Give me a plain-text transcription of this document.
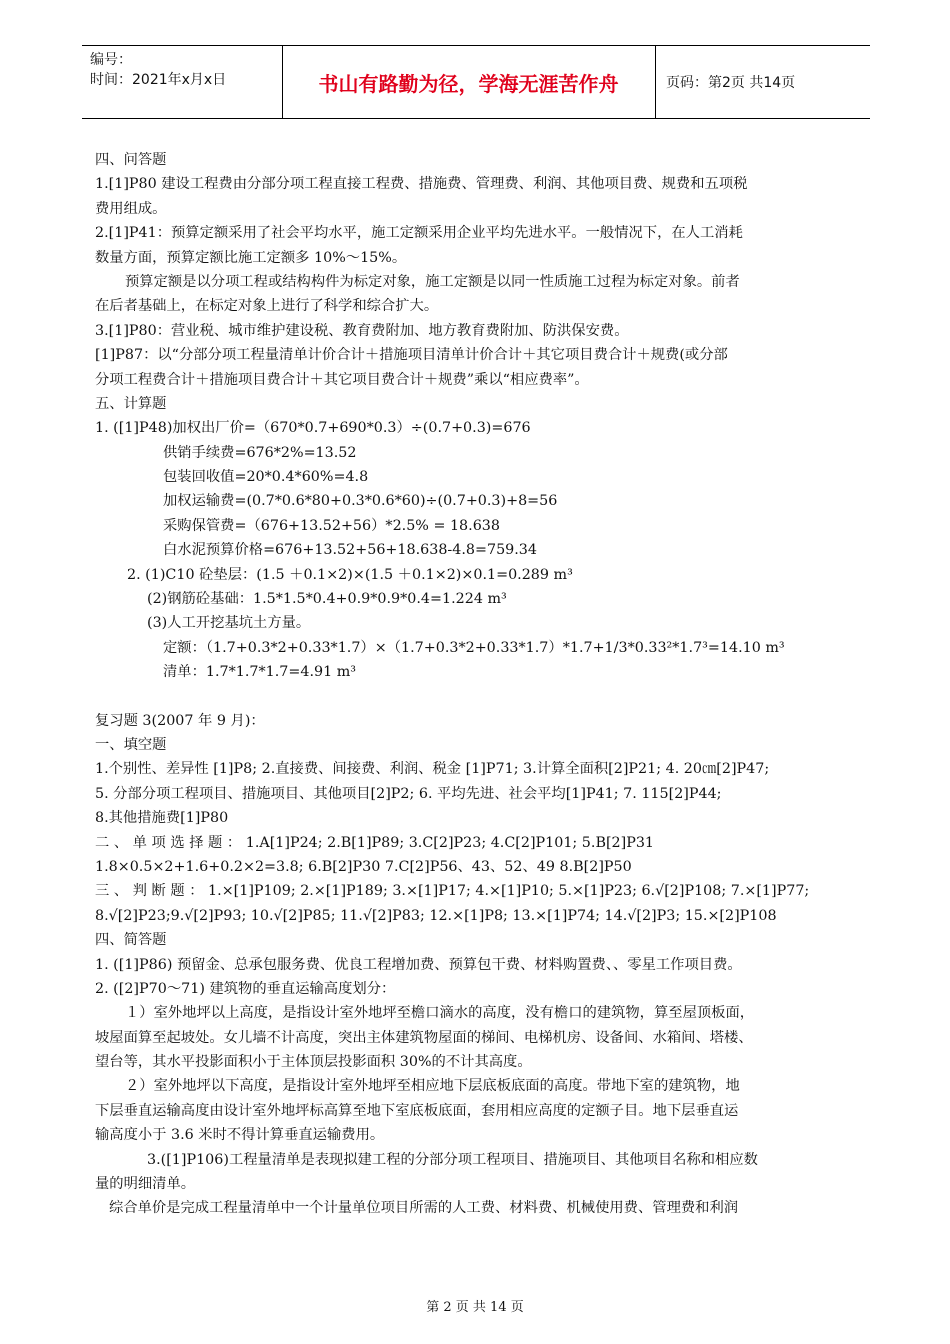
编号：
时间：2021年x月x日	书山有路勤为径，学海无涯苦作舟	页码：第2页 共14页
四、问答题
1.[1]P80 建设工程费由分部分项工程直接工程费、措施费、管理费、利润、其他项目费、规费和五项税
费用组成。
2.[1]P41：预算定额采用了社会平均水平，施工定额采用企业平均先进水平。一般情况下，在人工消耗
数量方面，预算定额比施工定额多 10%～15%。
预算定额是以分项工程或结构构件为标定对象，施工定额是以同一性质施工过程为标定对象。前者
在后者基础上，在标定对象上进行了科学和综合扩大。
3.[1]P80：营业税、城市维护建设税、教育费附加、地方教育费附加、防洪保安费。
[1]P87：以“分部分项工程量清单计价合计＋措施项目清单计价合计＋其它项目费合计＋规费(或分部
分项工程费合计＋措施项目费合计＋其它项目费合计＋规费”乘以“相应费率”。
五、计算题
1. ([1]P48)加权出厂价=（670*0.7+690*0.3）÷(0.7+0.3)=676
供销手续费=676*2%=13.52
包装回收值=20*0.4*60%=4.8
加权运输费=(0.7*0.6*80+0.3*0.6*60)÷(0.7+0.3)+8=56
采购保管费=（676+13.52+56）*2.5% = 18.638
白水泥预算价格=676+13.52+56+18.638-4.8=759.34
2. (1)C10 砼垫层：(1.5 ＋0.1×2)×(1.5 ＋0.1×2)×0.1=0.289 m³
(2)钢筋砼基础：1.5*1.5*0.4+0.9*0.9*0.4=1.224 m³
(3)人工开挖基坑土方量。
定额：（1.7+0.3*2+0.33*1.7）×（1.7+0.3*2+0.33*1.7）*1.7+1/3*0.33²*1.7³=14.10 m³
清单：1.7*1.7*1.7=4.91 m³
复习题 3(2007 年 9 月)：
一、填空题
1.个别性、差异性 [1]P8; 2.直接费、间接费、利润、税金 [1]P71; 3.计算全面积[2]P21; 4. 20㎝[2]P47;
5. 分部分项工程项目、措施项目、其他项目[2]P2; 6. 平均先进、社会平均[1]P41; 7. 115[2]P44;
8.其他措施费[1]P80
二 、 单 项 选 择 题 ： 1.A[1]P24; 2.B[1]P89; 3.C[2]P23; 4.C[2]P101; 5.B[2]P31
1.8×0.5×2+1.6+0.2×2=3.8; 6.B[2]P30 7.C[2]P56、43、52、49 8.B[2]P50
三 、 判 断 题 ： 1.×[1]P109; 2.×[1]P189; 3.×[1]P17; 4.×[1]P10; 5.×[1]P23; 6.√[2]P108; 7.×[1]P77;
8.√[2]P23;9.√[2]P93; 10.√[2]P85; 11.√[2]P83; 12.×[1]P8; 13.×[1]P74; 14.√[2]P3; 15.×[2]P108
四、简答题
1. ([1]P86) 预留金、总承包服务费、优良工程增加费、预算包干费、材料购置费、、零星工作项目费。
2. ([2]P70～71) 建筑物的垂直运输高度划分：
１）室外地坪以上高度，是指设计室外地坪至檐口滴水的高度，没有檐口的建筑物，算至屋顶板面，
坡屋面算至起坡处。女儿墙不计高度，突出主体建筑物屋面的梯间、电梯机房、设备间、水箱间、塔楼、
望台等，其水平投影面积小于主体顶层投影面积 30%的不计其高度。
２）室外地坪以下高度，是指设计室外地坪至相应地下层底板底面的高度。带地下室的建筑物，地
下层垂直运输高度由设计室外地坪标高算至地下室底板底面，套用相应高度的定额子目。地下层垂直运
输高度小于 3.6 米时不得计算垂直运输费用。
3.([1]P106)工程量清单是表现拟建工程的分部分项工程项目、措施项目、其他项目名称和相应数
量的明细清单。
综合单价是完成工程量清单中一个计量单位项目所需的人工费、材料费、机械使用费、管理费和利润
第 2 页 共 14 页
